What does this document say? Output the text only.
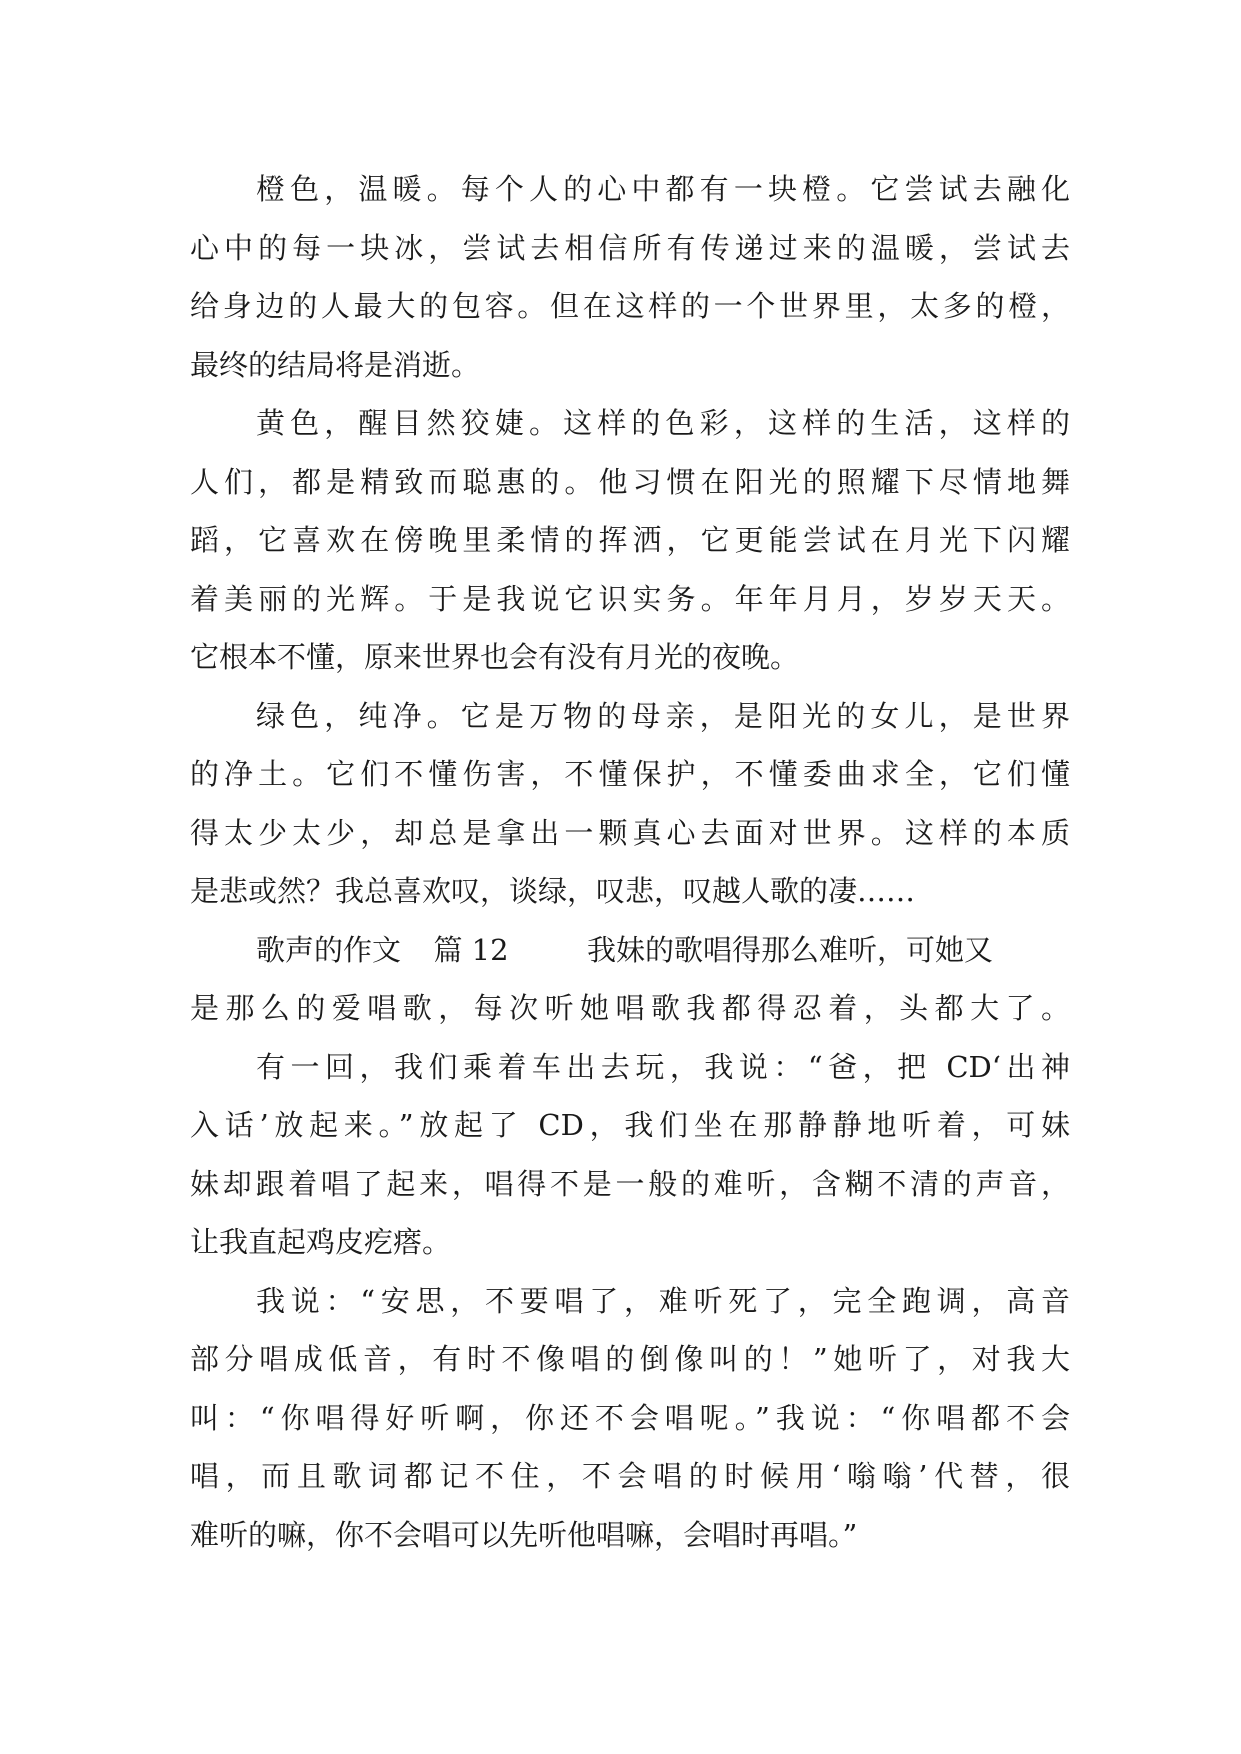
橙色，温暖。每个人的心中都有一块橙。它尝试去融化
心中的每一块冰，尝试去相信所有传递过来的温暖，尝试去
给身边的人最大的包容。但在这样的一个世界里，太多的橙，
最终的结局将是消逝。
黄色，醒目然狡婕。这样的色彩，这样的生活，这样的
人们，都是精致而聪惠的。他习惯在阳光的照耀下尽情地舞
蹈，它喜欢在傍晚里柔情的挥洒，它更能尝试在月光下闪耀
着美丽的光辉。于是我说它识实务。年年月月，岁岁天天。
它根本不懂，原来世界也会有没有月光的夜晚。
绿色，纯净。它是万物的母亲，是阳光的女儿，是世界
的净土。它们不懂伤害，不懂保护，不懂委曲求全，它们懂
得太少太少，却总是拿出一颗真心去面对世界。这样的本质
是悲或然？我总喜欢叹，谈绿，叹悲，叹越人歌的凄……
歌声的作文 篇 12	我妹的歌唱得那么难听，可她又
是那么的爱唱歌，每次听她唱歌我都得忍着，头都大了。
有一回，我们乘着车出去玩，我说：“爸，把 CD‘出神
入话’放起来。”放起了 CD，我们坐在那静静地听着，可妹
妹却跟着唱了起来，唱得不是一般的难听，含糊不清的声音，
让我直起鸡皮疙瘩。
我说：“安思，不要唱了，难听死了，完全跑调，高音
部分唱成低音，有时不像唱的倒像叫的！”她听了，对我大
叫：“你唱得好听啊，你还不会唱呢。”我说：“你唱都不会
唱，而且歌词都记不住，不会唱的时候用‘嗡嗡’代替，很
难听的嘛，你不会唱可以先听他唱嘛，会唱时再唱。”
